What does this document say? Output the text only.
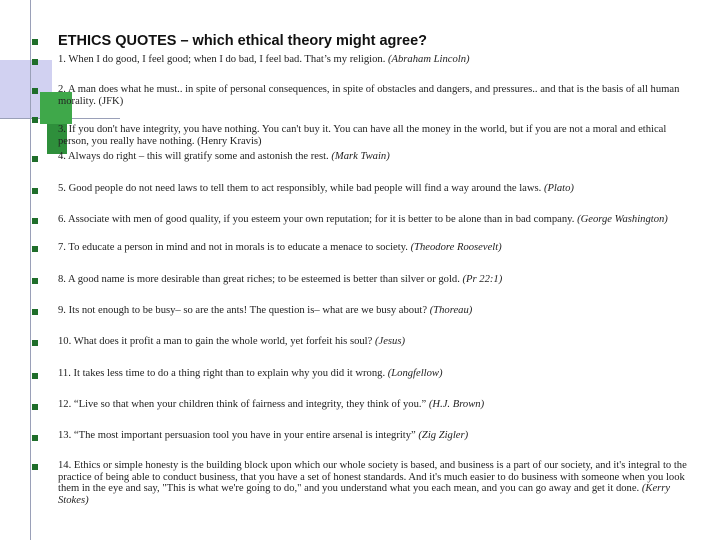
ETHICS QUOTES – which ethical theory might agree?
1. When I do good, I feel good; when I do bad, I feel bad. That’s my religion. (Abraham Lincoln)
2. A man does what he must.. in spite of personal consequences, in spite of obstacles and dangers, and pressures.. and that is the basis of all human morality. (JFK)
3. If you don't have integrity, you have nothing. You can't buy it. You can have all the money in the world, but if you are not a moral and ethical person, you really have nothing. (Henry Kravis)
4. Always do right – this will gratify some and astonish the rest. (Mark Twain)
5. Good people do not need laws to tell them to act responsibly, while bad people will find a way around the laws. (Plato)
6. Associate with men of good quality, if you esteem your own reputation; for it is better to be alone than in bad company. (George Washington)
7. To educate a person in mind and not in morals is to educate a menace to society. (Theodore Roosevelt)
8. A good name is more desirable than great riches; to be esteemed is better than silver or gold. (Pr 22:1)
9. Its not enough to be busy– so are the ants! The question is– what are we busy about? (Thoreau)
10. What does it profit a man to gain the whole world, yet forfeit his soul? (Jesus)
11. It takes less time to do a thing right than to explain why you did it wrong. (Longfellow)
12. “Live so that when your children think of fairness and integrity, they think of you.” (H.J. Brown)
13. “The most important persuasion tool you have in your entire arsenal is integrity” (Zig Zigler)
14. Ethics or simple honesty is the building block upon which our whole society is based, and business is a part of our society, and it's integral to the practice of being able to conduct business, that you have a set of honest standards. And it's much easier to do business with someone when you look them in the eye and say, "This is what we're going to do," and you understand what you each mean, and you can go away and get it done. (Kerry Stokes)
